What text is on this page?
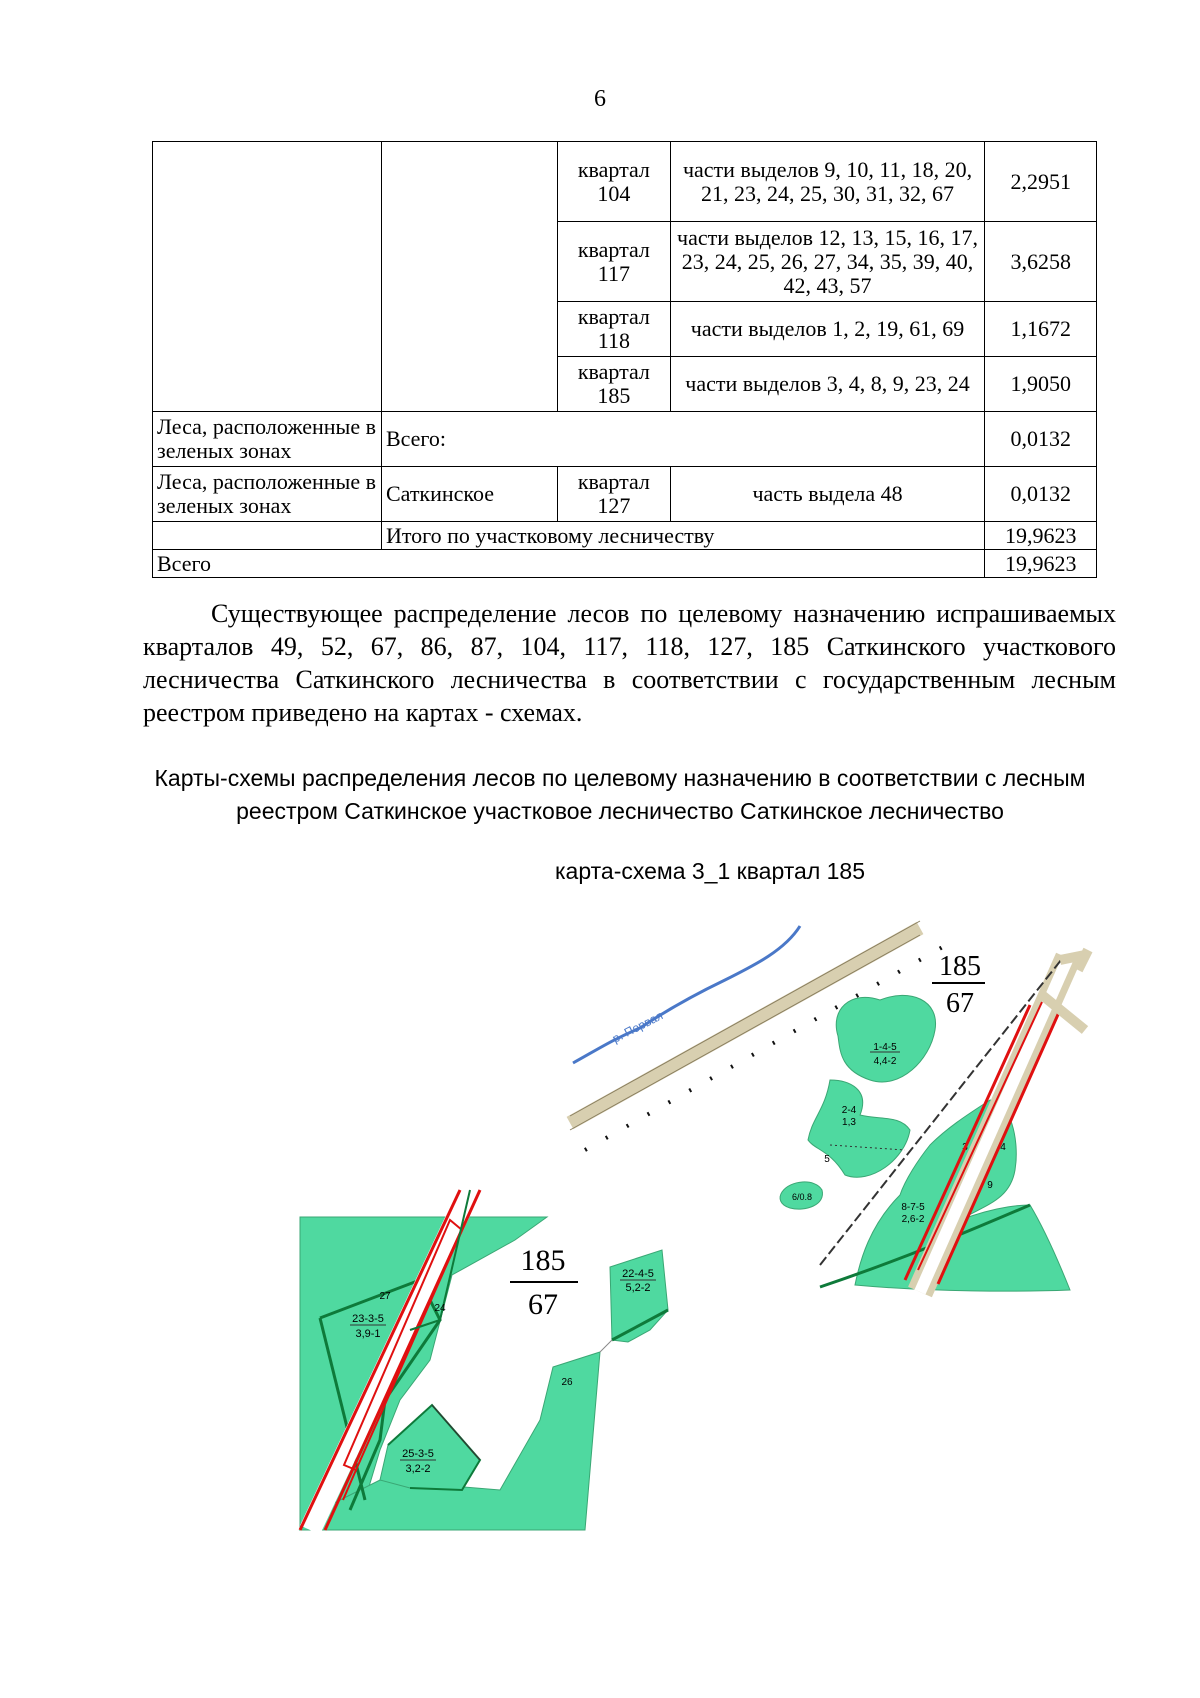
6
		квартал 104	части выделов 9, 10, 11, 18, 20, 21, 23, 24, 25, 30, 31, 32, 67	2,2951
		квартал 117	части выделов 12, 13, 15, 16, 17, 23, 24, 25, 26, 27, 34, 35, 39, 40, 42, 43, 57	3,6258
		квартал 118	части выделов 1, 2, 19, 61, 69	1,1672
		квартал 185	части выделов 3, 4, 8, 9, 23, 24	1,9050
Леса, расположенные в зеленых зонах	Всего:			0,0132
Леса, расположенные в зеленых зонах	Саткинское	квартал 127	часть выдела 48	0,0132
	Итого по участковому лесничеству			19,9623
Всего				19,9623
Существующее распределение лесов по целевому назначению испрашиваемых кварталов 49, 52, 67, 86, 87, 104, 117, 118, 127, 185 Саткинского участкового лесничества Саткинского лесничества в соответствии с государственным лесным реестром приведено на картах - схемах.
Карты-схемы распределения лесов по целевому назначению в соответствии с лесным реестром Саткинское участковое лесничество Саткинское лесничество
карта-схема 3_1 квартал 185
р. Первая
1-4-5
4,4-2
2-4
1,3
5
6/0.8
3	4
9
8-7-5
2,6-2
185
67
27
23-3-5
3,9-1
22-4-5
5,2-2
26
25-3-5
3,2-2
24
185
67
